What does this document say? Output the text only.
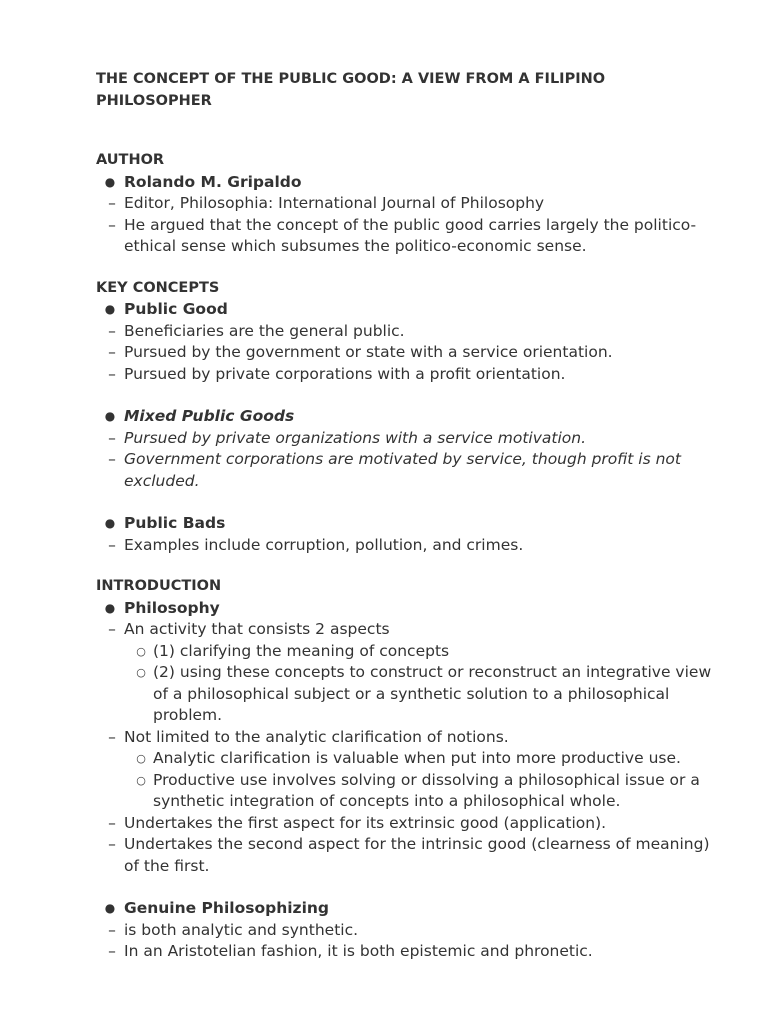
THE CONCEPT OF THE PUBLIC GOOD: A VIEW FROM A FILIPINO PHILOSOPHER

AUTHOR

● Rolando M. Gripaldo

– Editor, Philosophia: International Journal of Philosophy

– He argued that the concept of the public good carries largely the politico-ethical sense which subsumes the politico-economic sense.

KEY CONCEPTS

● Public Good

– Beneficiaries are the general public.

– Pursued by the government or state with a service orientation.

– Pursued by private corporations with a profit orientation.

● Mixed Public Goods

– Pursued by private organizations with a service motivation.

– Government corporations are motivated by service, though profit is not excluded.

● Public Bads

– Examples include corruption, pollution, and crimes.

INTRODUCTION

● Philosophy

– An activity that consists 2 aspects

○ (1) clarifying the meaning of concepts

○ (2) using these concepts to construct or reconstruct an integrative view of a philosophical subject or a synthetic solution to a philosophical problem.

– Not limited to the analytic clarification of notions.

○ Analytic clarification is valuable when put into more productive use.

○ Productive use involves solving or dissolving a philosophical issue or a synthetic integration of concepts into a philosophical whole.

– Undertakes the first aspect for its extrinsic good (application).

– Undertakes the second aspect for the intrinsic good (clearness of meaning) of the first.

● Genuine Philosophizing

– is both analytic and synthetic.

– In an Aristotelian fashion, it is both epistemic and phronetic.
